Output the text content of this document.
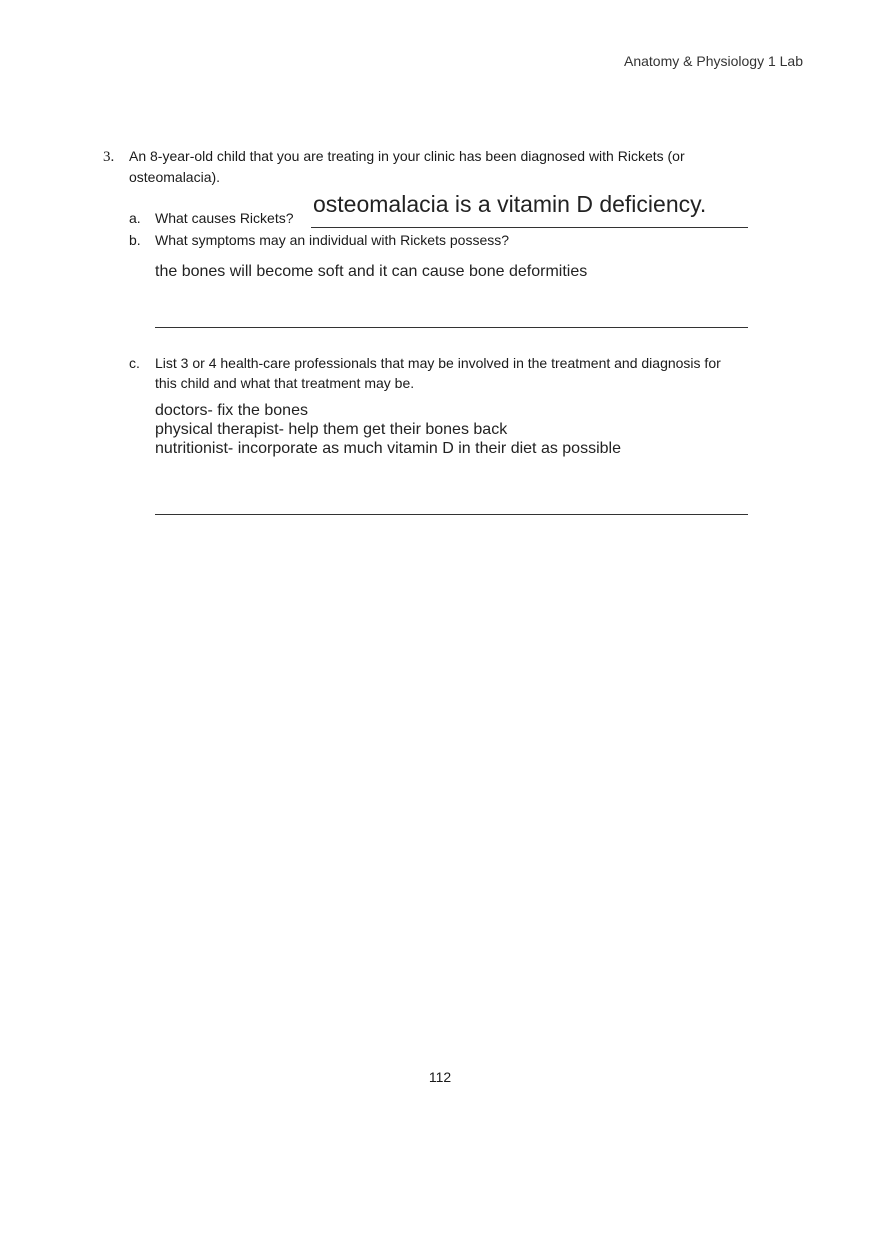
Anatomy & Physiology 1 Lab
3. An 8-year-old child that you are treating in your clinic has been diagnosed with Rickets (or
osteomalacia).
a. What causes Rickets?
osteomalacia is a vitamin D deficiency.
b. What symptoms may an individual with Rickets possess?
the bones will become soft and it can cause bone deformities
c. List 3 or 4 health-care professionals that may be involved in the treatment and diagnosis for
this child and what that treatment may be.
doctors- fix the bones
physical therapist- help them get their bones back
nutritionist- incorporate as much vitamin D in their diet as possible
112
